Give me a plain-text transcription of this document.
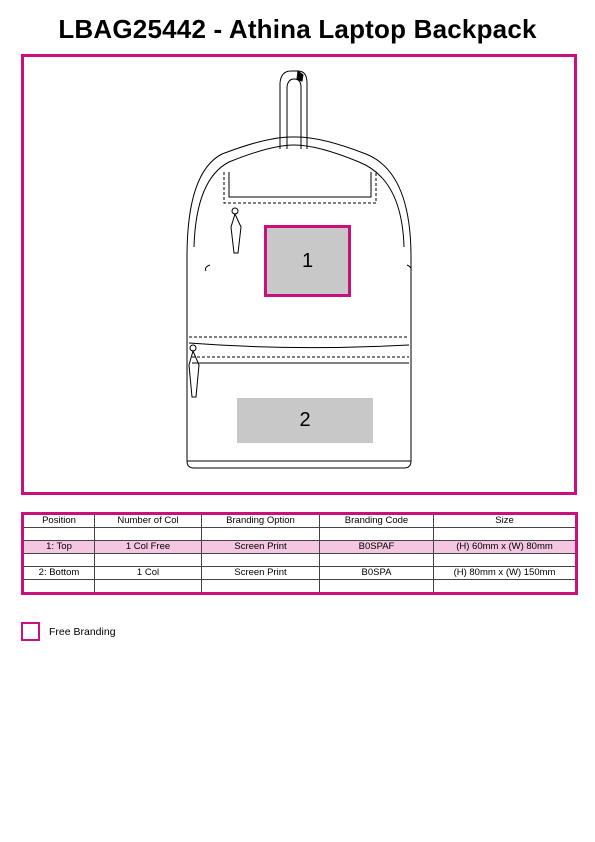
LBAG25442 - Athina Laptop Backpack
1
2
Position	Number of Col	Branding Option	Branding Code	Size

1: Top	1 Col Free	Screen Print	B0SPAF	(H) 60mm x (W) 80mm

2: Bottom	1 Col	Screen Print	B0SPA	(H) 80mm x (W) 150mm

Free Branding
